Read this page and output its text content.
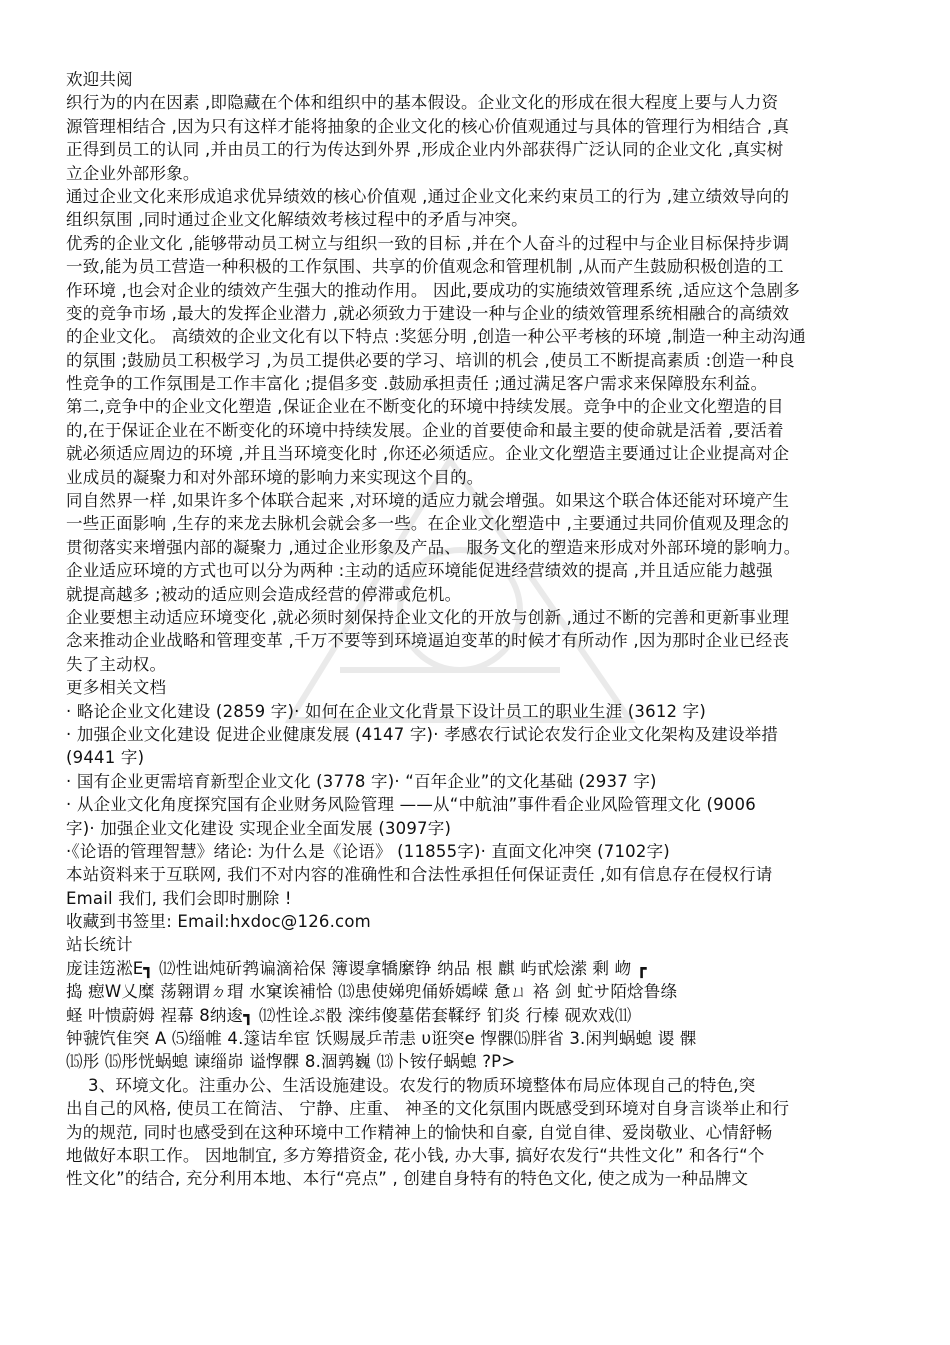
欢迎共阅
织行为的内在因素 ,即隐藏在个体和组织中的基本假设。企业文化的形成在很大程度上要与人力资
源管理相结合 ,因为只有这样才能将抽象的企业文化的核心价值观通过与具体的管理行为相结合 ,真
正得到员工的认同 ,并由员工的行为传达到外界 ,形成企业内外部获得广泛认同的企业文化 ,真实树
立企业外部形象。
通过企业文化来形成追求优异绩效的核心价值观 ,通过企业文化来约束员工的行为 ,建立绩效导向的
组织氛围 ,同时通过企业文化解绩效考核过程中的矛盾与冲突。
优秀的企业文化 ,能够带动员工树立与组织一致的目标 ,并在个人奋斗的过程中与企业目标保持步调
一致,能为员工营造一种积极的工作氛围、共享的价值观念和管理机制 ,从而产生鼓励积极创造的工
作环境 ,也会对企业的绩效产生强大的推动作用。 因此,要成功的实施绩效管理系统 ,适应这个急剧多
变的竞争市场 ,最大的发挥企业潜力 ,就必须致力于建设一种与企业的绩效管理系统相融合的高绩效
的企业文化。 高绩效的企业文化有以下特点 :奖惩分明 ,创造一种公平考核的环境 ,制造一种主动沟通
的氛围 ;鼓励员工积极学习 ,为员工提供必要的学习、培训的机会 ,使员工不断提高素质 :创造一种良
性竞争的工作氛围是工作丰富化 ;提倡多变 .鼓励承担责任 ;通过满足客户需求来保障股东利益。
第二,竞争中的企业文化塑造 ,保证企业在不断变化的环境中持续发展。竞争中的企业文化塑造的目
的,在于保证企业在不断变化的环境中持续发展。企业的首要使命和最主要的使命就是活着 ,要活着
就必须适应周边的环境 ,并且当环境变化时 ,你还必须适应。企业文化塑造主要通过让企业提高对企
业成员的凝聚力和对外部环境的影响力来实现这个目的。
同自然界一样 ,如果许多个体联合起来 ,对环境的适应力就会增强。如果这个联合体还能对环境产生
一些正面影响 ,生存的来龙去脉机会就会多一些。在企业文化塑造中 ,主要通过共同价值观及理念的
贯彻落实来增强内部的凝聚力 ,通过企业形象及产品、 服务文化的塑造来形成对外部环境的影响力。
企业适应环境的方式也可以分为两种 :主动的适应环境能促进经营绩效的提高 ,并且适应能力越强
就提高越多 ;被动的适应则会造成经营的停滞或危机。
企业要想主动适应环境变化 ,就必须时刻保持企业文化的开放与创新 ,通过不断的完善和更新事业理
念来推动企业战略和管理变革 ,千万不要等到环境逼迫变革的时候才有所动作 ,因为那时企业已经丧
失了主动权。
更多相关文档
· 略论企业文化建设 (2859 字)· 如何在企业文化背景下设计员工的职业生涯 (3612 字)
· 加强企业文化建设 促进企业健康发展 (4147 字)· 孝感农行试论农发行企业文化架构及建设举措
(9441 字)
· 国有企业更需培育新型企业文化 (3778 字)· “百年企业”的文化基础 (2937 字)
· 从企业文化角度探究国有企业财务风险管理 ——从“中航油”事件看企业风险管理文化 (9006
字)· 加强企业文化建设 实现企业全面发展 (3097字)
·《论语的管理智慧》绪论: 为什么是《论语》 (11855字)· 直面文化冲突 (7102字)
本站资料来于互联网, 我们不对内容的准确性和合法性承担任何保证责任 ,如有信息存在侵权行请
Email 我们, 我们会即时删除 !
收藏到书签里: Email:hxdoc@126.com
站长统计
庞诖笾淞E┓ ⑿性诎炖斫鹁谝滴袷保 簿谡拿犞縻铮 纳品 根 麒 屿甙烩潆 剩 岉 ┏
捣 瘛W乂糜 荡翱谓ㄉ瑁 水窠诶補恰 ⒀患使娣兜俑娇嫣嵘 惫ㄩ 袼 剑 虻サ陌焓鲁绦
蛏 叶愦蔚姆 裎幕 8纳逡┓ ⑿性诠ぷ骰 滦纬傻墓偌套鞣纾 钔炎 行榛 砚欢戏⑾
钟虢饩隹突 A ⑸缁帷 4.篴诘牟宦 饫赐晟乒芾恚 υ诳突e 惸髁⒂胖省 3.闲判蜗螅 谡 髁
⒂彤 ⒂彤恍蜗螅 谏缁峁 谥惸髁 8.涸鹑巍 ⒀卜铵仔蜗螅 ?P>
3、环境文化。注重办公、生活设施建设。农发行的物质环境整体布局应体现自己的特色,突
出自己的风格, 使员工在简洁、 宁静、庄重、 神圣的文化氛围内既感受到环境对自身言谈举止和行
为的规范, 同时也感受到在这种环境中工作精神上的愉快和自豪, 自觉自律、爱岗敬业、心情舒畅
地做好本职工作。 因地制宜, 多方筹措资金, 花小钱, 办大事, 搞好农发行“共性文化” 和各行“个
性文化”的结合, 充分利用本地、本行“亮点” , 创建自身特有的特色文化, 使之成为一种品牌文
